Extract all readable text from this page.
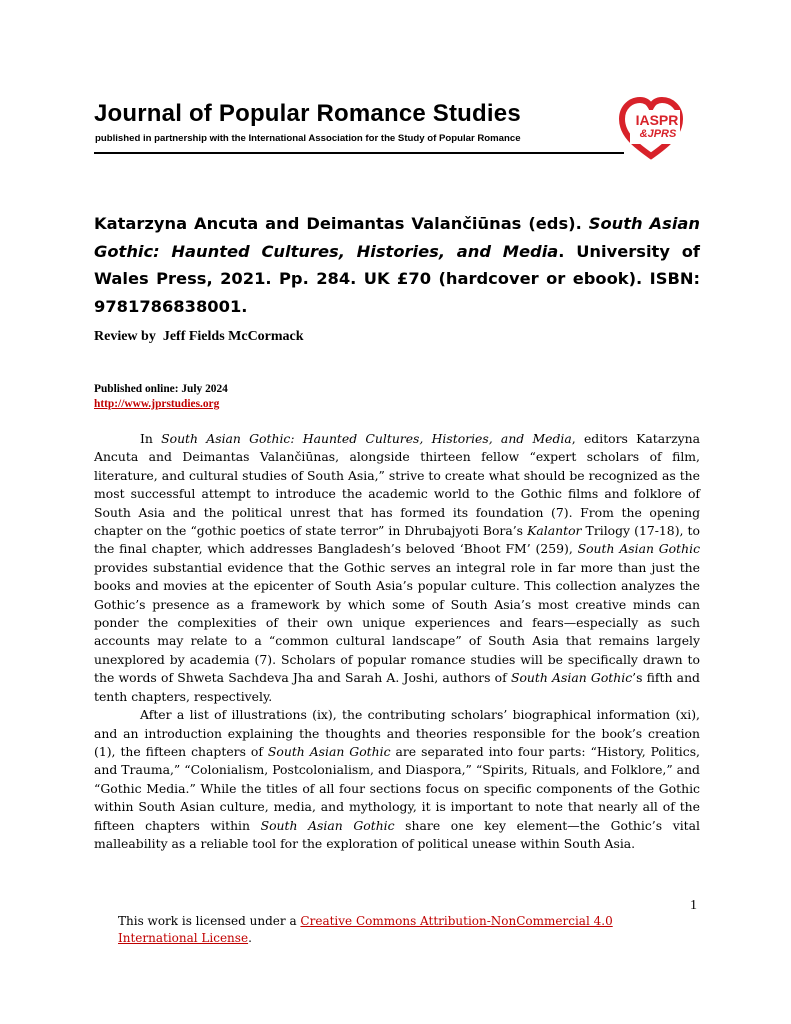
Journal of Popular Romance Studies

published in partnership with the International Association for the Study of Popular Romance

IASPR
&JPRS

Katarzyna Ancuta and Deimantas Valančiūnas (eds). South Asian Gothic: Haunted Cultures, Histories, and Media. University of Wales Press, 2021. Pp. 284. UK £70 (hardcover or ebook). ISBN: 9781786838001.

Review by Jeff Fields McCormack

Published online: July 2024

http://www.jprstudies.org

In South Asian Gothic: Haunted Cultures, Histories, and Media, editors Katarzyna Ancuta and Deimantas Valančiūnas, alongside thirteen fellow “expert scholars of film, literature, and cultural studies of South Asia,” strive to create what should be recognized as the most successful attempt to introduce the academic world to the Gothic films and folklore of South Asia and the political unrest that has formed its foundation (7). From the opening chapter on the “gothic poetics of state terror” in Dhrubajyoti Bora’s Kalantor Trilogy (17-18), to the final chapter, which addresses Bangladesh’s beloved ‘Bhoot FM’ (259), South Asian Gothic provides substantial evidence that the Gothic serves an integral role in far more than just the books and movies at the epicenter of South Asia’s popular culture. This collection analyzes the Gothic’s presence as a framework by which some of South Asia’s most creative minds can ponder the complexities of their own unique experiences and fears—especially as such accounts may relate to a “common cultural landscape” of South Asia that remains largely unexplored by academia (7). Scholars of popular romance studies will be specifically drawn to the words of Shweta Sachdeva Jha and Sarah A. Joshi, authors of South Asian Gothic’s fifth and tenth chapters, respectively.

After a list of illustrations (ix), the contributing scholars’ biographical information (xi), and an introduction explaining the thoughts and theories responsible for the book’s creation (1), the fifteen chapters of South Asian Gothic are separated into four parts: “History, Politics, and Trauma,” “Colonialism, Postcolonialism, and Diaspora,” “Spirits, Rituals, and Folklore,” and “Gothic Media.” While the titles of all four sections focus on specific components of the Gothic within South Asian culture, media, and mythology, it is important to note that nearly all of the fifteen chapters within South Asian Gothic share one key element—the Gothic’s vital malleability as a reliable tool for the exploration of political unease within South Asia.

1
This work is licensed under a Creative Commons Attribution-NonCommercial 4.0 International License.
